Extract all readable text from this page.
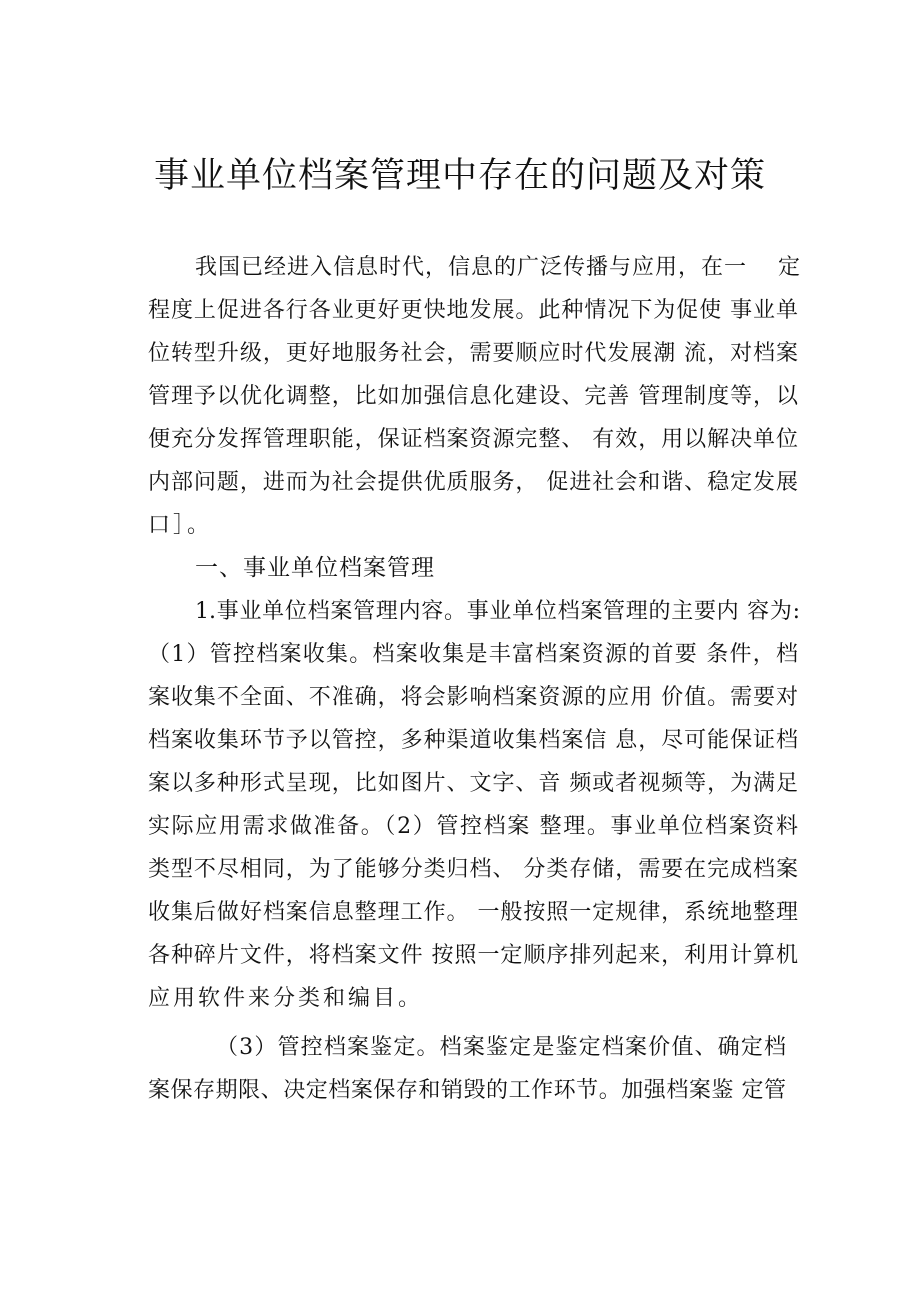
事业单位档案管理中存在的问题及对策
我国已经进入信息时代，信息的广泛传播与应用，在一　 定
程度上促进各行各业更好更快地发展。此种情况下为促使 事业单
位转型升级，更好地服务社会，需要顺应时代发展潮 流，对档案
管理予以优化调整，比如加强信息化建设、完善 管理制度等，以
便充分发挥管理职能，保证档案资源完整、 有效，用以解决单位
内部问题，进而为社会提供优质服务， 促进社会和谐、稳定发展
口］。
一、事业单位档案管理
1.事业单位档案管理内容。事业单位档案管理的主要内 容为:
（1）管控档案收集。档案收集是丰富档案资源的首要 条件，档
案收集不全面、不准确，将会影响档案资源的应用 价值。需要对
档案收集环节予以管控，多种渠道收集档案信 息，尽可能保证档
案以多种形式呈现，比如图片、文字、音 频或者视频等，为满足
实际应用需求做准备。（2）管控档案 整理。事业单位档案资料
类型不尽相同，为了能够分类归档、 分类存储，需要在完成档案
收集后做好档案信息整理工作。 一般按照一定规律，系统地整理
各种碎片文件，将档案文件 按照一定顺序排列起来，利用计算机
应用软件来分类和编目。
（3）管控档案鉴定。档案鉴定是鉴定档案价值、确定档
案保存期限、决定档案保存和销毁的工作环节。加强档案鉴 定管
